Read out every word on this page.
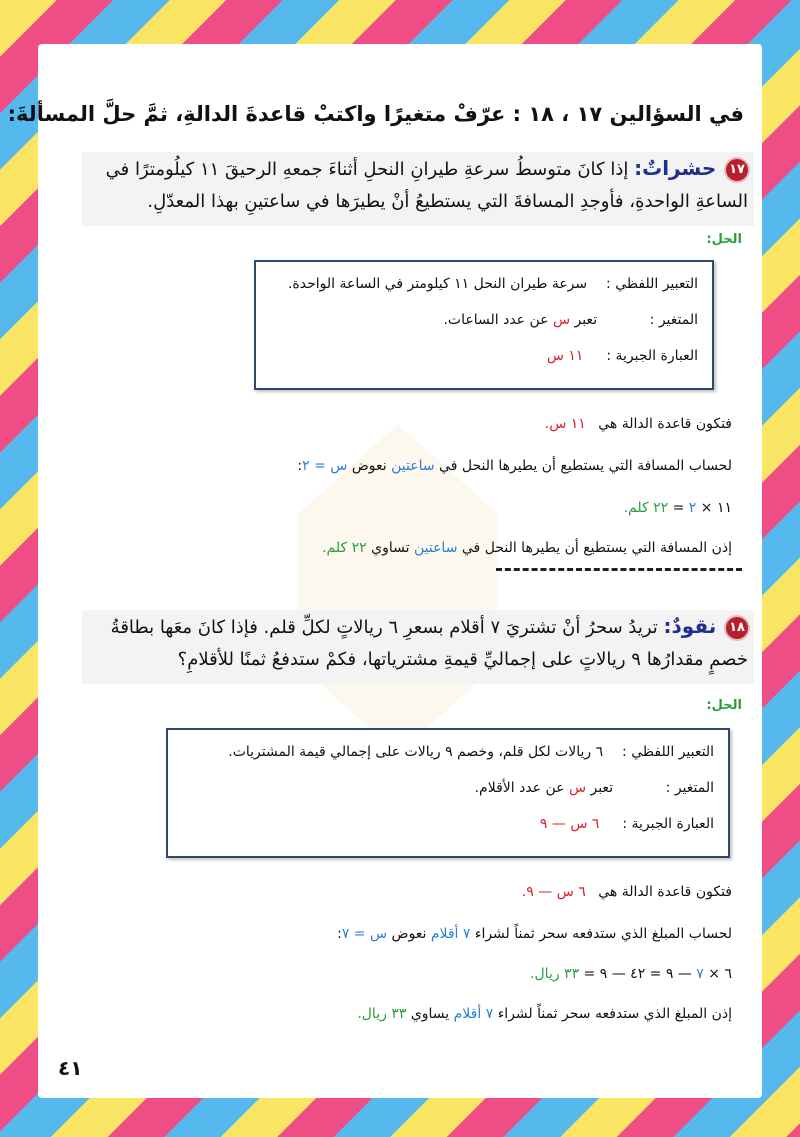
في السؤالين ١٧ ، ١٨ : عرّفْ متغيرًا واكتبْ قاعدةَ الدالةِ، ثمَّ حلَّ المسألةَ:
١٧ حشراتٌ: إذا كانَ متوسطُ سرعةِ طيرانِ النحلِ أثناءَ جمعهِ الرحيقَ ١١ كيلُومترًا في
الساعةِ الواحدةِ، فأوجدِ المسافةَ التي يستطيعُ أنْ يطيرَها في ساعتينِ بهذا المعدّلِ.
الحل:
التعبير اللفظي :  سرعة طيران النحل ١١ كيلومتر في الساعة الواحدة.
المتغير :  تعبر س عن عدد الساعات.
العبارة الجبرية :  ١١ س
فتكون قاعدة الدالة هي ١١ س.
لحساب المسافة التي يستطيع أن يطيرها النحل في ساعتين نعوض س = ٢:
١١ × ٢ = ٢٢ كلم.
إذن المسافة التي يستطيع أن يطيرها النحل في ساعتين تساوي ٢٢ كلم.
١٨ نقودٌ: تريدُ سحرُ أنْ تشتريَ ٧ أقلام بسعرِ ٦ ريالاتٍ لكلِّ قلم. فإذا كانَ معَها بطاقةُ
خصمٍ مقدارُها ٩ ريالاتٍ على إجماليِّ قيمةِ مشترياتها، فكمْ ستدفعُ ثمنًا للأقلامِ؟
الحل:
التعبير اللفظي :  ٦ ريالات لكل قلم، وخصم ٩ ريالات على إجمالي قيمة المشتريات.
المتغير :  تعبر س عن عدد الأقلام.
العبارة الجبرية :  ٦ س — ٩
فتكون قاعدة الدالة هي ٦ س — ٩.
لحساب المبلغ الذي ستدفعه سحر ثمناً لشراء ٧ أقلام نعوض س = ٧:
٦ × ٧ — ٩ = ٤٢ — ٩ = ٣٣ ريال.
إذن المبلغ الذي ستدفعه سحر ثمناً لشراء ٧ أقلام يساوي ٣٣ ريال.
٤١
